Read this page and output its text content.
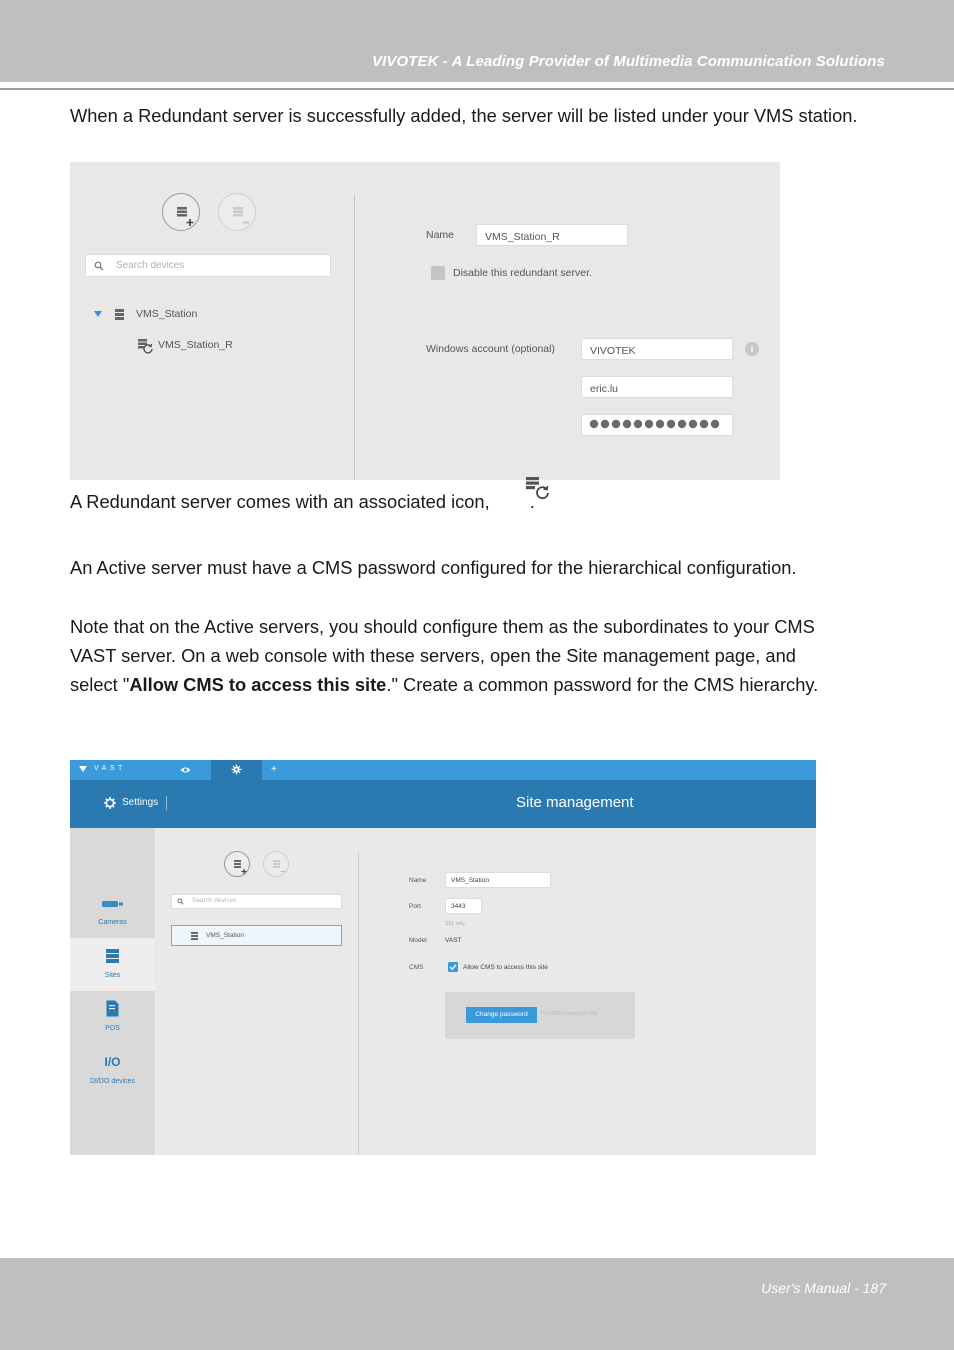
VIVOTEK - A Leading Provider of Multimedia Communication Solutions
When a Redundant server is successfully added, the server will be listed under your VMS station.
Search devices
VMS_Station
VMS_Station_R
Name	VMS_Station_R
Disable this redundant server.
Windows account (optional)	VIVOTEK	i
eric.lu
A Redundant server comes with an associated icon, .
An Active server must have a CMS password configured for the hierarchical configuration.
Note that on the Active servers, you should configure them as the subordinates to your CMS
VAST server. On a web console with these servers, open the Site management page, and
select "Allow CMS to access this site." Create a common password for the CMS hierarchy.
VAST	+
Settings	Site management
Cameras
Sites
POS
I/O
DI/DO devices
Search devices
VMS_Station
Name	VMS_Station
Port	3443
SSL only
Model	VAST
CMS	Allow CMS to access this site
Change password	For CMS connection only
User's Manual - 187
